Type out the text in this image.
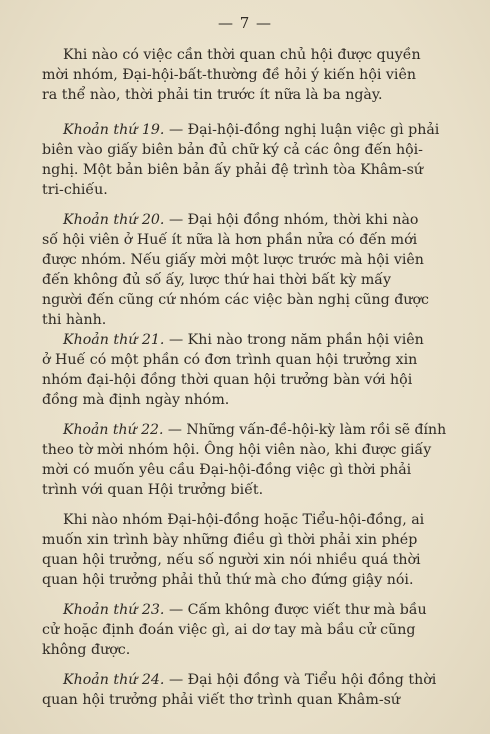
— 7 —
Khi nào có việc cần thời quan chủ hội được quyền
mời nhóm, Đại-hội-bất-thường đề hỏi ý kiến hội viên
ra thể nào, thời phải tin trước ít nữa là ba ngày.
Khoản thứ 19. — Đại-hội-đồng nghị luận việc gì phải
biên vào giấy biên bản đủ chữ ký cả các ông đến hội-
nghị. Một bản biên bản ấy phải đệ trình tòa Khâm-sứ
tri-chiếu.
Khoản thứ 20. — Đại hội đồng nhóm, thời khi nào
số hội viên ở Huế ít nữa là hơn phần nửa có đến mới
được nhóm. Nếu giấy mời một lược trước mà hội viên
đến không đủ số ấy, lược thứ hai thời bất kỳ mấy
người đến cũng cứ nhóm các việc bàn nghị cũng được
thi hành.
Khoản thứ 21. — Khi nào trong năm phần hội viên
ở Huế có một phần có đơn trình quan hội trưởng xin
nhóm đại-hội đồng thời quan hội trưởng bàn với hội
đồng mà định ngày nhóm.
Khoản thứ 22. — Những vấn-đề-hội-kỳ làm rồi sẽ đính
theo tờ mời nhóm hội. Ông hội viên nào, khi được giấy
mời có muốn yêu cầu Đại-hội-đồng việc gì thời phải
trình với quan Hội trưởng biết.
Khi nào nhóm Đại-hội-đồng hoặc Tiểu-hội-đồng, ai
muốn xin trình bày những điều gì thời phải xin phép
quan hội trưởng, nếu số người xin nói nhiều quá thời
quan hội trưởng phải thủ thứ mà cho đứng giậy nói.
Khoản thứ 23. — Cấm không được viết thư mà bầu
cử hoặc định đoán việc gì, ai dơ tay mà bầu cử cũng
không được.
Khoản thứ 24. — Đại hội đồng và Tiểu hội đồng thời
quan hội trưởng phải viết thơ trình quan Khâm-sứ
